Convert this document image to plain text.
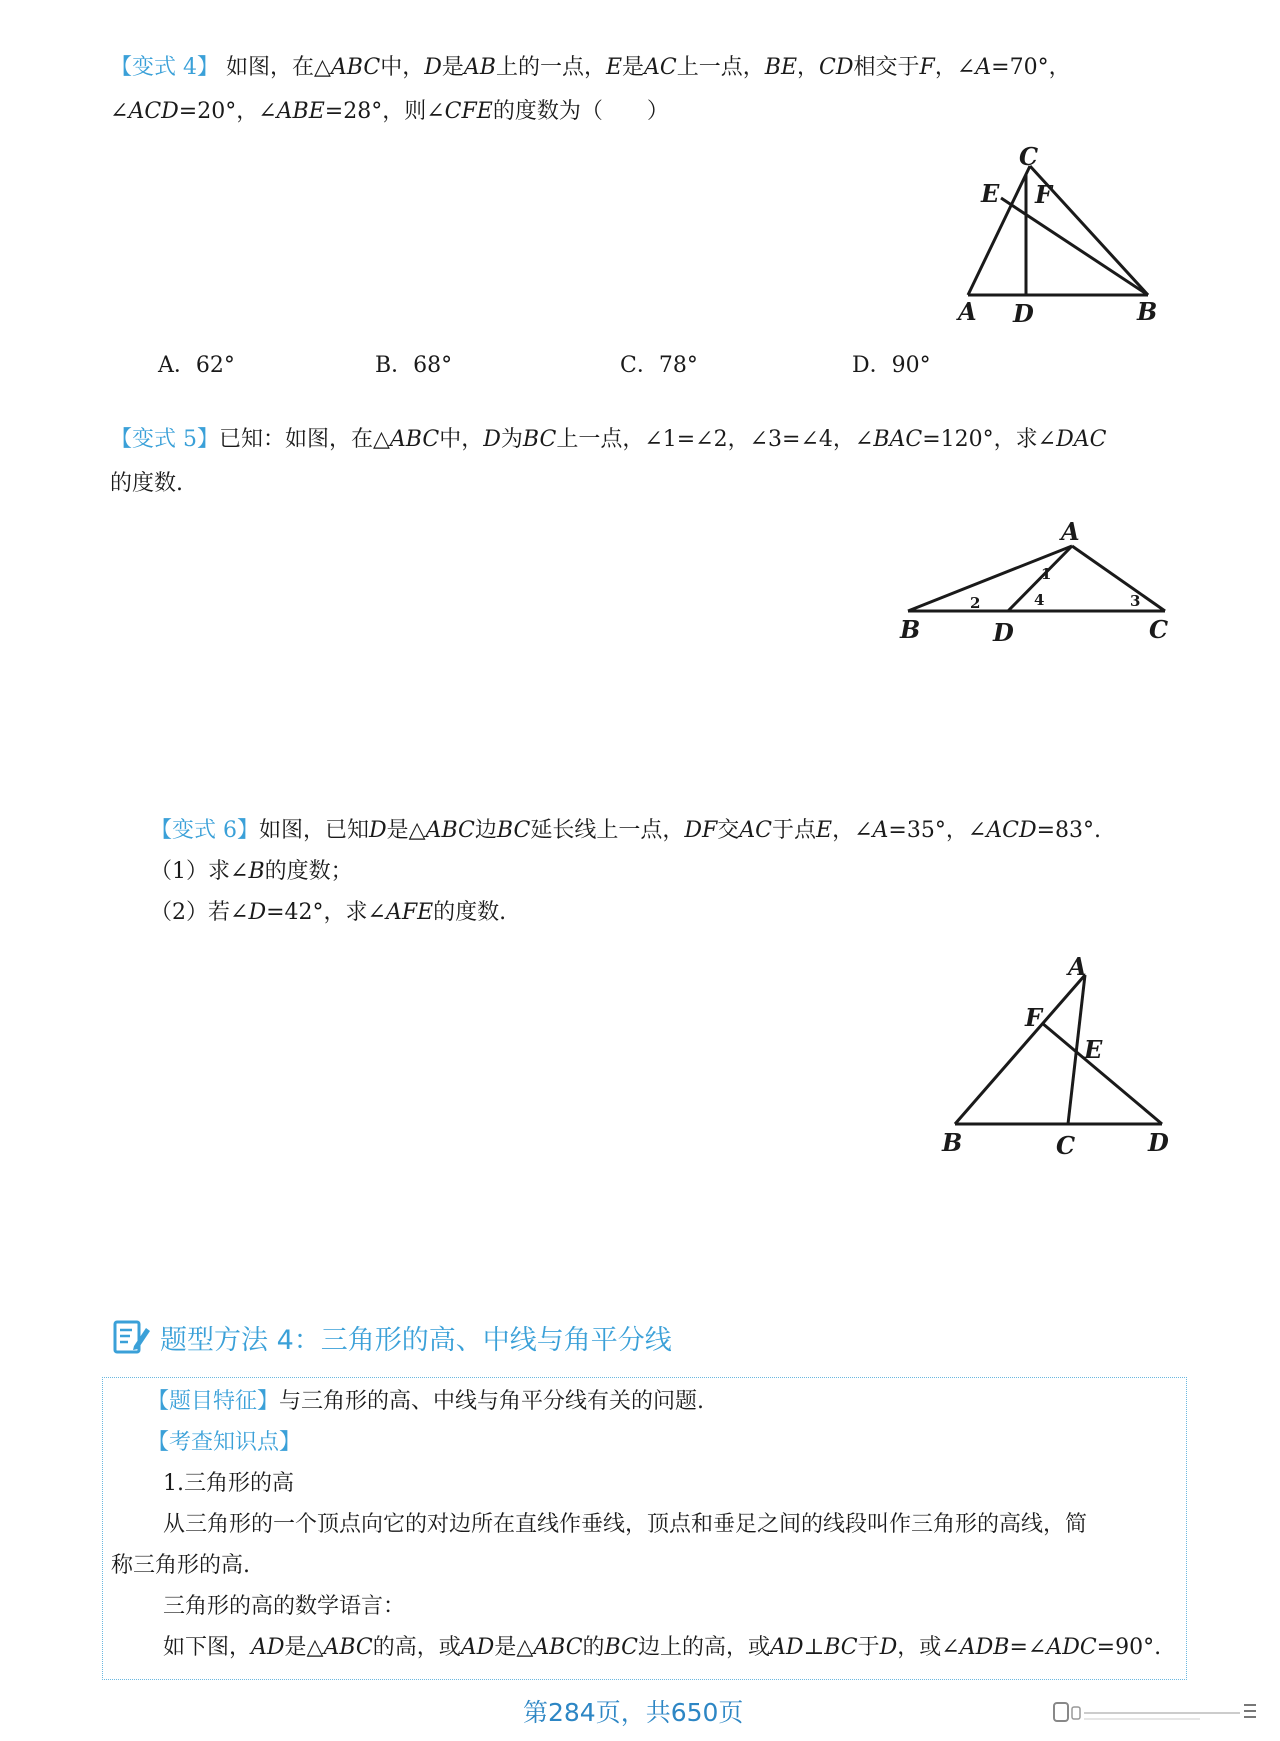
【变式 4】 如图，在△ABC中，D是AB上的一点，E是AC上一点，BE，CD相交于F，∠A=70°，
∠ACD=20°，∠ABE=28°，则∠CFE的度数为（　　）
C
E F
A D	B
A．62°	B．68°	C．78°	D．90°
【变式 5】已知：如图，在△ABC中，D为BC上一点，∠1=∠2，∠3=∠4，∠BAC=120°，求∠DAC
的度数.
A
B	D	C
1
2	3
4
【变式 6】如图，已知D是△ABC边BC延长线上一点，DF交AC于点E，∠A=35°，∠ACD=83°.
（1）求∠B的度数；
（2）若∠D=42°，求∠AFE的度数.
A
F
E
B	C	D
题型方法 4：三角形的高、中线与角平分线

【题目特征】与三角形的高、中线与角平分线有关的问题.

【考查知识点】

1.三角形的高

从三角形的一个顶点向它的对边所在直线作垂线，顶点和垂足之间的线段叫作三角形的高线，简

称三角形的高.

三角形的高的数学语言：

如下图，AD是△ABC的高，或AD是△ABC的BC边上的高，或AD⊥BC于D，或∠ADB=∠ADC=90°.

第284页，共650页
